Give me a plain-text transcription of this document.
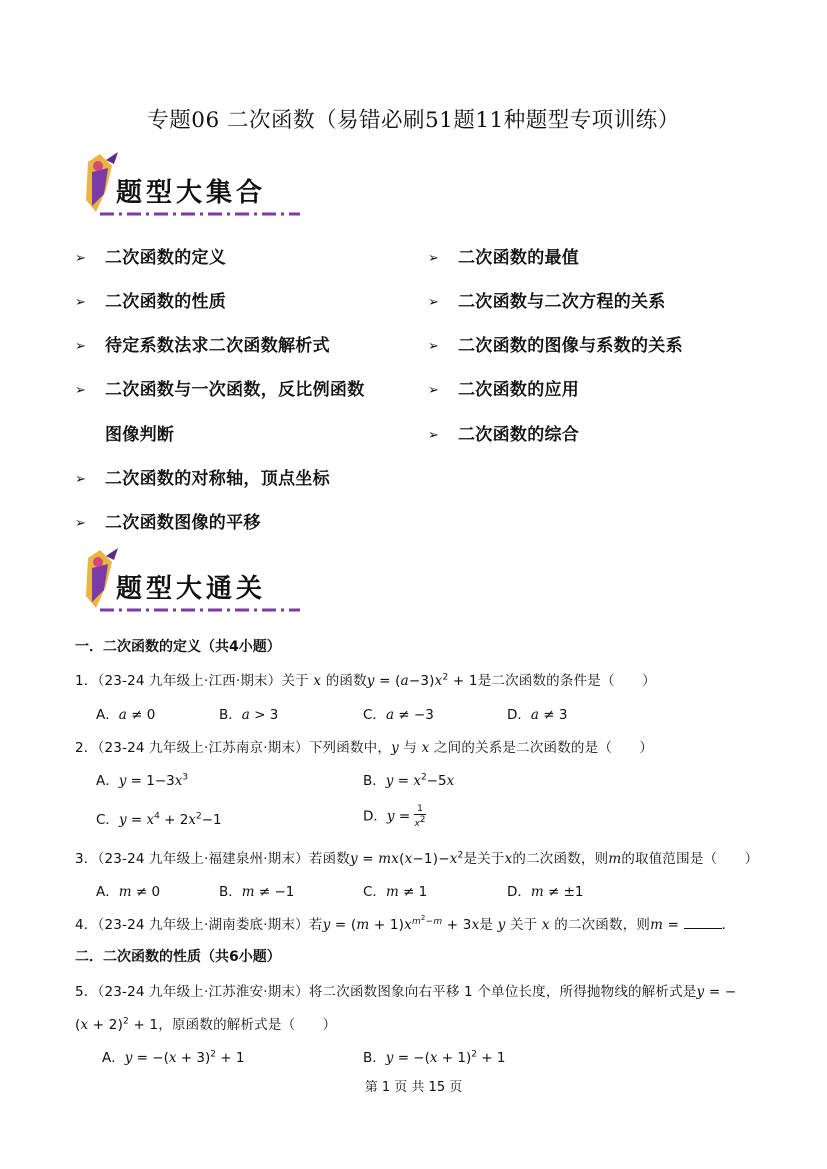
专题06 二次函数（易错必刷51题11种题型专项训练）
题型大集合
➢ 二次函数的定义
➢ 二次函数的性质
➢ 待定系数法求二次函数解析式
➢ 二次函数与一次函数，反比例函数
图像判断
➢ 二次函数的对称轴，顶点坐标
➢ 二次函数图像的平移
➢ 二次函数的最值
➢ 二次函数与二次方程的关系
➢ 二次函数的图像与系数的关系
➢ 二次函数的应用
➢ 二次函数的综合
题型大通关
一．二次函数的定义（共4小题）
1．（23-24 九年级上·江西·期末）关于 x 的函数$y = (a-3)x^2 + 1$是二次函数的条件是（　　）
A．a ≠ 0	B．a > 3	C．a ≠ −3	D．a ≠ 3
2．（23-24 九年级上·江苏南京·期末）下列函数中，y 与 x 之间的关系是二次函数的是（　　）
A．$y = 1-3x^3$	B．$y = x^2-5x$
C．$y = x^4 + 2x^2-1$	D．$y = \frac{1}{x^2}$
3．（23-24 九年级上·福建泉州·期末）若函数$y = mx(x-1)-x^2$是关于x的二次函数，则m的取值范围是（　　）
A．m ≠ 0	B．m ≠ −1	C．m ≠ 1	D．m ≠ ±1
4．（23-24 九年级上·湖南娄底·期末）若$y = (m + 1)x^{m^2-m} + 3x$是 y 关于 x 的二次函数，则m =	．
二．二次函数的性质（共6小题）
5．（23-24 九年级上·江苏淮安·期末）将二次函数图象向右平移 1 个单位长度，所得抛物线的解析式是y = −
$(x + 2)^2 + 1$，原函数的解析式是（　　）
A．$y = -(x + 3)^2 + 1$	B．$y = -(x + 1)^2 + 1$
第 1 页 共 15 页
